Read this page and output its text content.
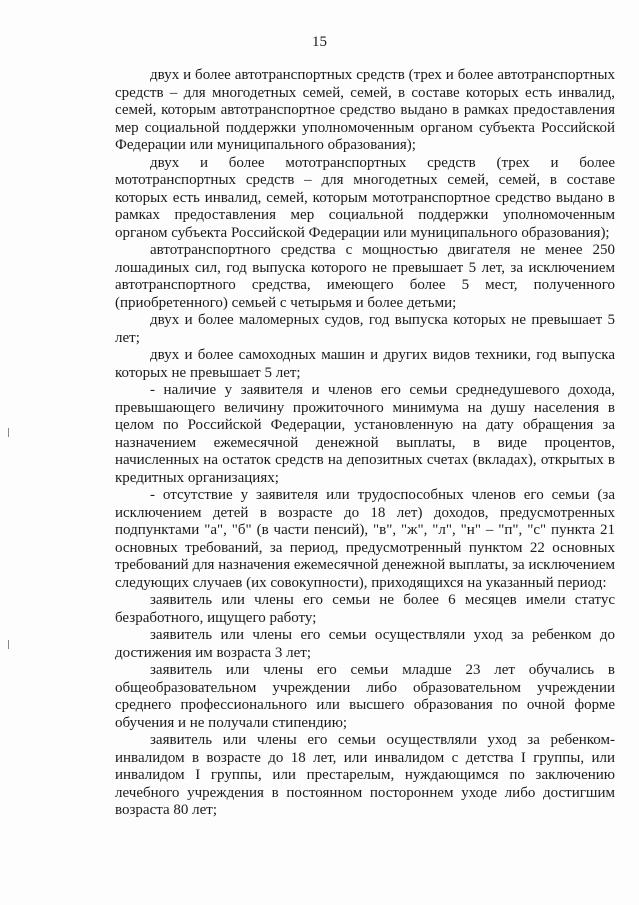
15

двух и более автотранспортных средств (трех и более автотранспортных средств – для многодетных семей, семей, в составе которых есть инвалид, семей, которым автотранспортное средство выдано в рамках предоставления мер социальной поддержки уполномоченным органом субъекта Российской Федерации или муниципального образования);

двух и более мототранспортных средств (трех и более мототранспортных средств – для многодетных семей, семей, в составе которых есть инвалид, семей, которым мототранспортное средство выдано в рамках предоставления мер социальной поддержки уполномоченным органом субъекта Российской Федерации или муниципального образования);

автотранспортного средства с мощностью двигателя не менее 250 лошадиных сил, год выпуска которого не превышает 5 лет, за исключением автотранспортного средства, имеющего более 5 мест, полученного (приобретенного) семьей с четырьмя и более детьми;

двух и более маломерных судов, год выпуска которых не превышает 5 лет;

двух и более самоходных машин и других видов техники, год выпуска которых не превышает 5 лет;

- наличие у заявителя и членов его семьи среднедушевого дохода, превышающего величину прожиточного минимума на душу населения в целом по Российской Федерации, установленную на дату обращения за назначением ежемесячной денежной выплаты, в виде процентов, начисленных на остаток средств на депозитных счетах (вкладах), открытых в кредитных организациях;

- отсутствие у заявителя или трудоспособных членов его семьи (за исключением детей в возрасте до 18 лет) доходов, предусмотренных подпунктами "а", "б" (в части пенсий), "в", "ж", "л", "н" – "п", "с" пункта 21 основных требований, за период, предусмотренный пунктом 22 основных требований для назначения ежемесячной денежной выплаты, за исключением следующих случаев (их совокупности), приходящихся на указанный период:

заявитель или члены его семьи не более 6 месяцев имели статус безработного, ищущего работу;

заявитель или члены его семьи осуществляли уход за ребенком до достижения им возраста 3 лет;

заявитель или члены его семьи младше 23 лет обучались в общеобразовательном учреждении либо образовательном учреждении среднего профессионального или высшего образования по очной форме обучения и не получали стипендию;

заявитель или члены его семьи осуществляли уход за ребенком-инвалидом в возрасте до 18 лет, или инвалидом с детства I группы, или инвалидом I группы, или престарелым, нуждающимся по заключению лечебного учреждения в постоянном постороннем уходе либо достигшим возраста 80 лет;
